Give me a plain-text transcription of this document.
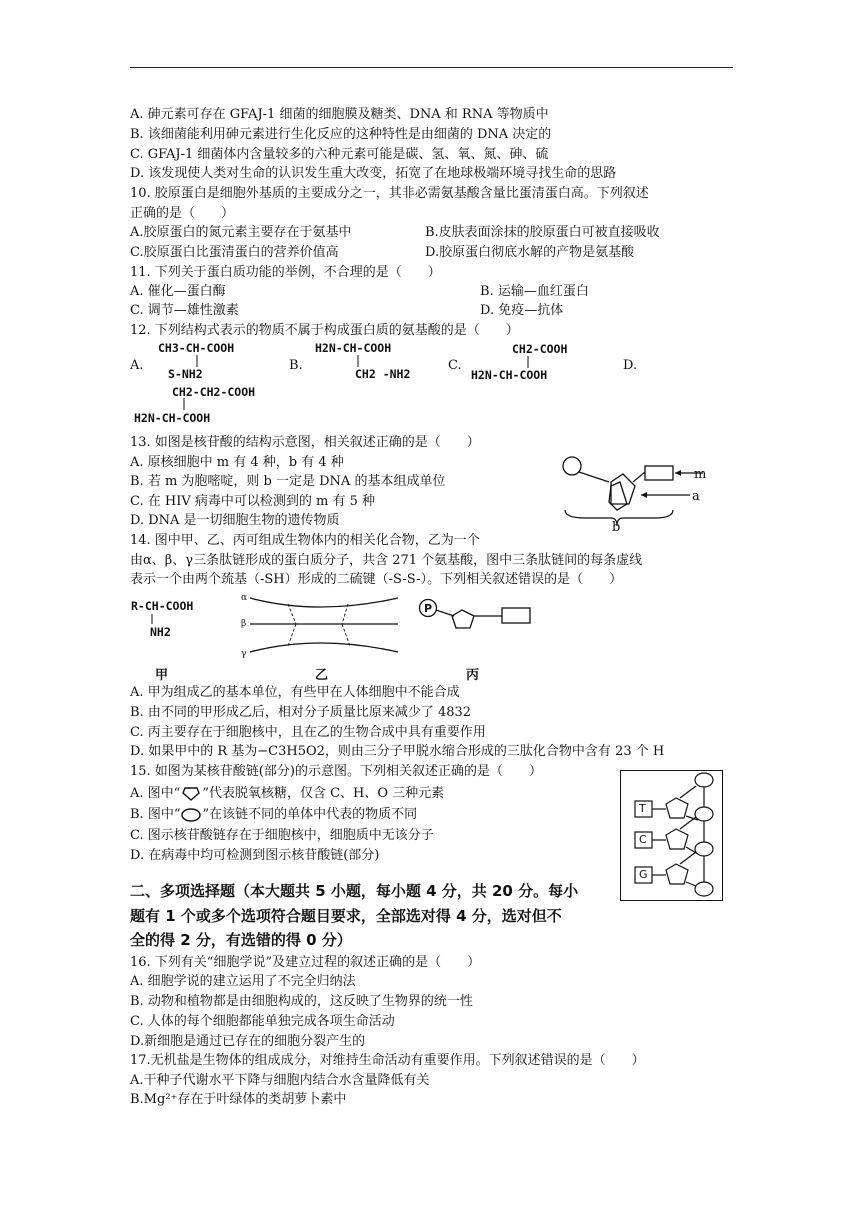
A. 砷元素可存在 GFAJ-1 细菌的细胞膜及糖类、DNA 和 RNA 等物质中
B. 该细菌能利用砷元素进行生化反应的这种特性是由细菌的 DNA 决定的
C. GFAJ-1 细菌体内含量较多的六种元素可能是碳、氢、氧、氮、砷、硫
D. 该发现使人类对生命的认识发生重大改变，拓宽了在地球极端环境寻找生命的思路
10. 胶原蛋白是细胞外基质的主要成分之一，其非必需氨基酸含量比蛋清蛋白高。下列叙述
正确的是（　　）
A.胶原蛋白的氮元素主要存在于氨基中	B.皮肤表面涂抹的胶原蛋白可被直接吸收
C.胶原蛋白比蛋清蛋白的营养价值高	D.胶原蛋白彻底水解的产物是氨基酸
11. 下列关于蛋白质功能的举例，不合理的是（　　）
A. 催化—蛋白酶	B. 运输—血红蛋白
C. 调节—雄性激素	D. 免疫—抗体
12. 下列结构式表示的物质不属于构成蛋白质的氨基酸的是（　　）
A.
CH3-CH-COOH
S-NH2
B.
H2N-CH-COOH
CH2 -NH2
C.
CH2-COOH
H2N-CH-COOH
D.
CH2-CH2-COOH
H2N-CH-COOH
13. 如图是核苷酸的结构示意图，相关叙述正确的是（　　）
A. 原核细胞中 m 有 4 种，b 有 4 种
B. 若 m 为胞嘧啶，则 b 一定是 DNA 的基本组成单位
C. 在 HIV 病毒中可以检测到的 m 有 5 种
D. DNA 是一切细胞生物的遗传物质
m
a
b
14. 图中甲、乙、丙可组成生物体内的相关化合物，乙为一个
由α、β、γ三条肽链形成的蛋白质分子，共含 271 个氨基酸，图中三条肽链间的每条虚线
表示一个由两个巯基（-SH）形成的二硫键（-S-S-）。下列相关叙述错误的是（　　）
R-CH-COOH
NH2
α
β
γ
P
甲	乙	丙
A. 甲为组成乙的基本单位，有些甲在人体细胞中不能合成
B. 由不同的甲形成乙后，相对分子质量比原来减少了 4832
C. 丙主要存在于细胞核中，且在乙的生物合成中具有重要作用
D. 如果甲中的 R 基为−C3H5O2，则由三分子甲脱水缩合形成的三肽化合物中含有 23 个 H
15. 如图为某核苷酸链(部分)的示意图。下列相关叙述正确的是（　　）
A. 图中“ ”代表脱氧核糖，仅含 C、H、O 三种元素
B. 图中“ ”在该链不同的单体中代表的物质不同
C. 图示核苷酸链存在于细胞核中，细胞质中无该分子
D. 在病毒中均可检测到图示核苷酸链(部分)
T
C
G
二、多项选择题（本大题共 5 小题，每小题 4 分，共 20 分。每小
题有 1 个或多个选项符合题目要求，全部选对得 4 分，选对但不
全的得 2 分，有选错的得 0 分）
16. 下列有关“细胞学说”及建立过程的叙述正确的是（　　）
A. 细胞学说的建立运用了不完全归纳法
B. 动物和植物都是由细胞构成的，这反映了生物界的统一性
C. 人体的每个细胞都能单独完成各项生命活动
D.新细胞是通过已存在的细胞分裂产生的
17.无机盐是生物体的组成成分，对维持生命活动有重要作用。下列叙述错误的是（　　）
A.干种子代谢水平下降与细胞内结合水含量降低有关
B.Mg²⁺存在于叶绿体的类胡萝卜素中
